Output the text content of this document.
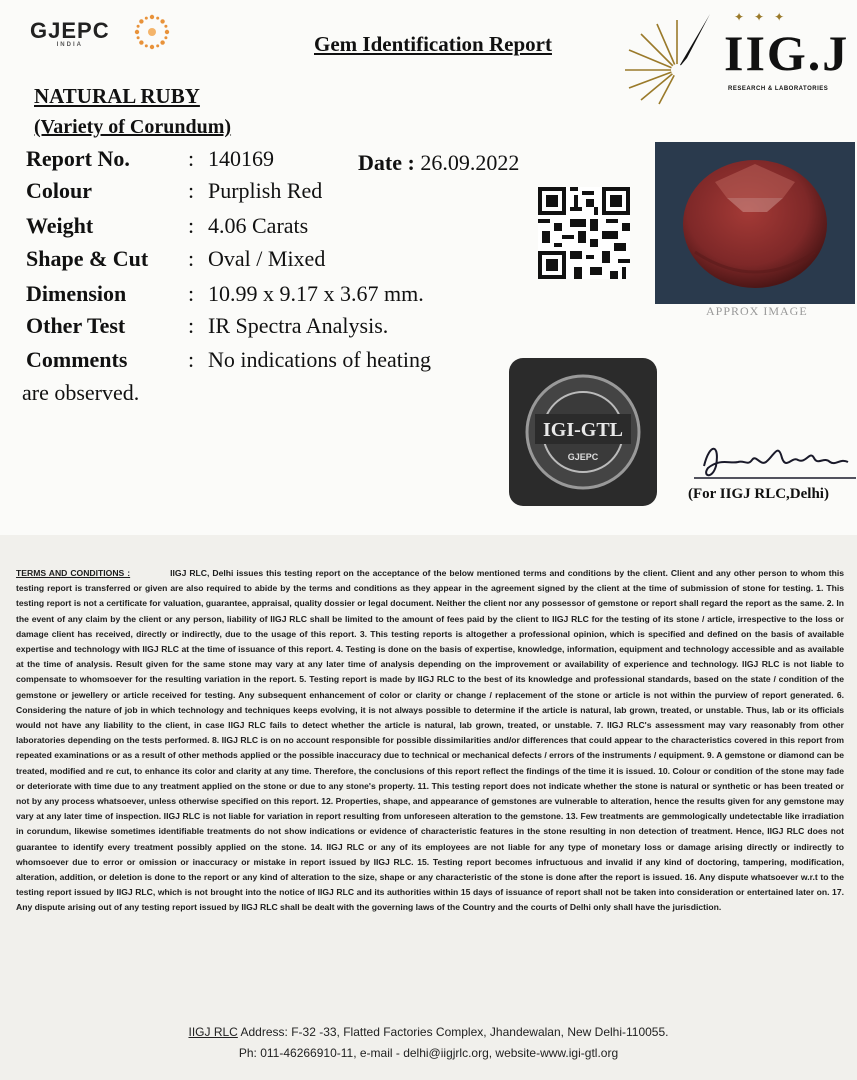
GJEPC
INDIA	Gem Identification Report
✦✦✦
IIG.J
RESEARCH & LABORATORIES
NATURAL RUBY
(Variety of Corundum)
Report No.	: 140169	Date : 26.09.2022
Colour	: Purplish Red
Weight	: 4.06 Carats
Shape & Cut : Oval / Mixed
Dimension	: 10.99 x 9.17 x 3.67 mm.
Other Test	: IR Spectra Analysis.
Comments	: No indications of heating
are observed.
APPROX IMAGE
IGI-GTL
GJEPC
(For IIGJ RLC,Delhi)
TERMS AND CONDITIONS :	IIGJ RLC, Delhi issues this testing report on the acceptance of the below mentioned terms and conditions by the client. Client and any other person to whom this testing report is transferred or given are also required to abide by the terms and conditions as they appear in the agreement signed by the client at the time of submission of stone for testing. 1. This testing report is not a certificate for valuation, guarantee, appraisal, quality dossier or legal document. Neither the client nor any possessor of gemstone or report shall regard the report as the same. 2. In the event of any claim by the client or any person, liability of IIGJ RLC shall be limited to the amount of fees paid by the client to IIGJ RLC for the testing of its stone / article, irrespective to the loss or damage client has received, directly or indirectly, due to the usage of this report. 3. This testing reports is altogether a professional opinion, which is specified and defined on the basis of available expertise and technology with IIGJ RLC at the time of issuance of this report. 4. Testing is done on the basis of expertise, knowledge, information, equipment and technology accessible and as available at the time of analysis. Result given for the same stone may vary at any later time of analysis depending on the improvement or availability of experience and technology. IIGJ RLC is not liable to compensate to whomsoever for the resulting variation in the report. 5. Testing report is made by IIGJ RLC to the best of its knowledge and professional standards, based on the state / condition of the gemstone or jewellery or article received for testing. Any subsequent enhancement of color or clarity or change / replacement of the stone or article is not within the purview of report generated. 6. Considering the nature of job in which technology and techniques keeps evolving, it is not always possible to determine if the article is natural, lab grown, treated, or unstable. Thus, lab or its officials would not have any liability to the client, in case IIGJ RLC fails to detect whether the article is natural, lab grown, treated, or unstable. 7. IIGJ RLC's assessment may vary reasonably from other laboratories depending on the tests performed. 8. IIGJ RLC is on no account responsible for possible dissimilarities and/or differences that could appear to the characteristics covered in this report from repeated examinations or as a result of other methods applied or the possible inaccuracy due to technical or mechanical defects / errors of the instruments / equipment. 9. A gemstone or diamond can be treated, modified and re cut, to enhance its color and clarity at any time. Therefore, the conclusions of this report reflect the findings of the time it is issued. 10. Colour or condition of the stone may fade or deteriorate with time due to any treatment applied on the stone or due to any stone's property. 11. This testing report does not indicate whether the stone is natural or synthetic or has been treated or not by any process whatsoever, unless otherwise specified on this report. 12. Properties, shape, and appearance of gemstones are vulnerable to alteration, hence the results given for any gemstone may vary at any later time of inspection. IIGJ RLC is not liable for variation in report resulting from unforeseen alteration to the gemstone. 13. Few treatments are gemmologically undetectable like irradiation in corundum, likewise sometimes identifiable treatments do not show indications or evidence of characteristic features in the stone resulting in non detection of treatment. Hence, IIGJ RLC does not guarantee to identify every treatment possibly applied on the stone. 14. IIGJ RLC or any of its employees are not liable for any type of monetary loss or damage arising directly or indirectly to whomsoever due to error or omission or inaccuracy or mistake in report issued by IIGJ RLC. 15. Testing report becomes infructuous and invalid if any kind of doctoring, tampering, modification, alteration, addition, or deletion is done to the report or any kind of alteration to the size, shape or any characteristic of the stone is done after the report is issued. 16. Any dispute whatsoever w.r.t to the testing report issued by IIGJ RLC, which is not brought into the notice of IIGJ RLC and its authorities within 15 days of issuance of report shall not be taken into consideration or entertained later on. 17. Any dispute arising out of any testing report issued by IIGJ RLC shall be dealt with the governing laws of the Country and the courts of Delhi only shall have the jurisdiction.
IIGJ RLC Address: F-32 -33, Flatted Factories Complex, Jhandewalan, New Delhi-110055.
Ph: 011-46266910-11, e-mail - delhi@iigjrlc.org, website-www.igi-gtl.org
